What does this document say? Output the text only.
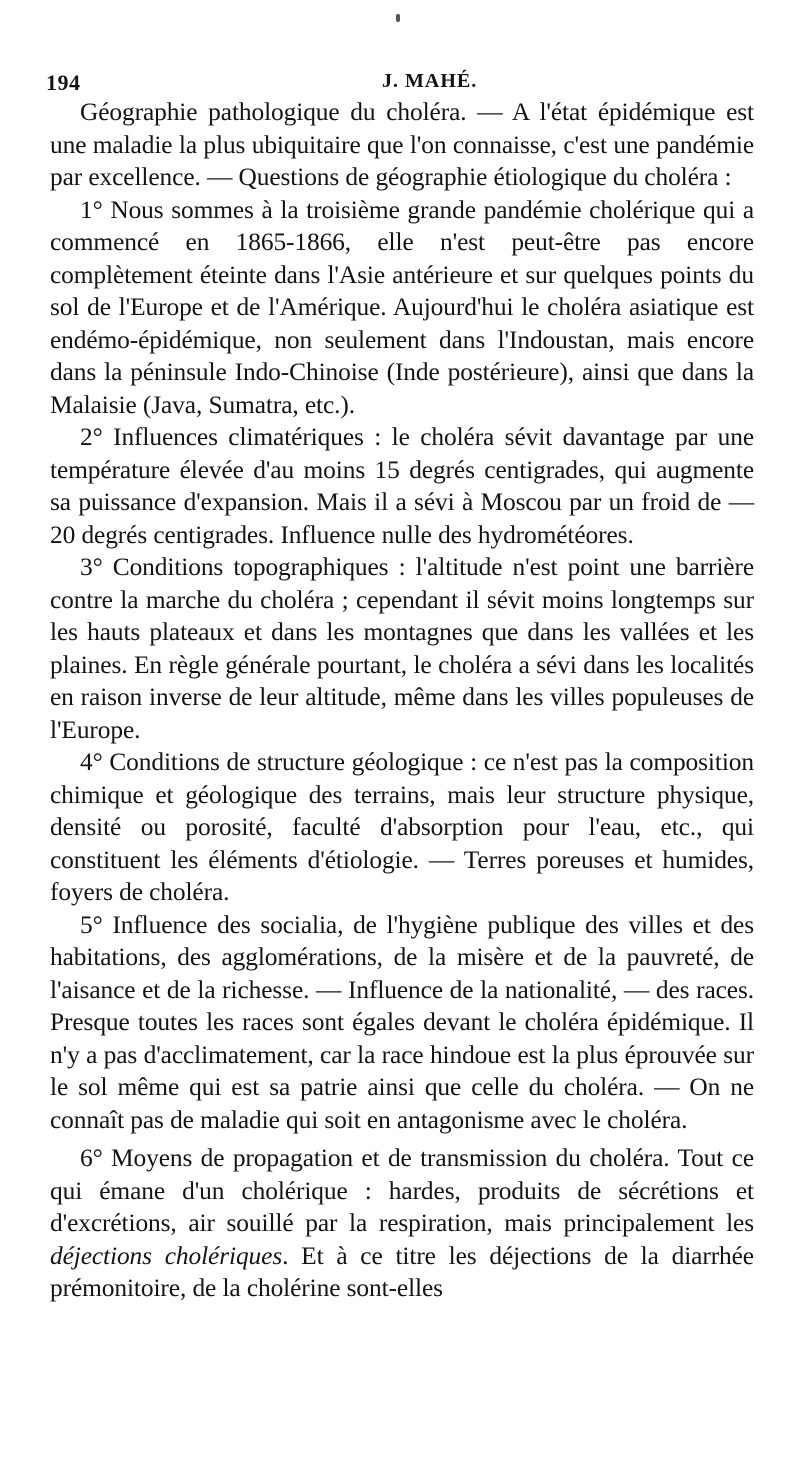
194	J. MAHÉ.

Géographie pathologique du choléra. — A l'état épidémique est une maladie la plus ubiquitaire que l'on connaisse, c'est une pandémie par excellence. — Questions de géographie étiologique du choléra :

1° Nous sommes à la troisième grande pandémie cholérique qui a commencé en 1865-1866, elle n'est peut-être pas encore complètement éteinte dans l'Asie antérieure et sur quelques points du sol de l'Europe et de l'Amérique. Aujourd'hui le choléra asiatique est endémo-épidémique, non seulement dans l'Indoustan, mais encore dans la péninsule Indo-Chinoise (Inde postérieure), ainsi que dans la Malaisie (Java, Sumatra, etc.).

2° Influences climatériques : le choléra sévit davantage par une température élevée d'au moins 15 degrés centigrades, qui augmente sa puissance d'expansion. Mais il a sévi à Moscou par un froid de — 20 degrés centigrades. Influence nulle des hydrométéores.

3° Conditions topographiques : l'altitude n'est point une barrière contre la marche du choléra ; cependant il sévit moins longtemps sur les hauts plateaux et dans les montagnes que dans les vallées et les plaines. En règle générale pourtant, le choléra a sévi dans les localités en raison inverse de leur altitude, même dans les villes populeuses de l'Europe.

4° Conditions de structure géologique : ce n'est pas la composition chimique et géologique des terrains, mais leur structure physique, densité ou porosité, faculté d'absorption pour l'eau, etc., qui constituent les éléments d'étiologie. — Terres poreuses et humides, foyers de choléra.

5° Influence des socialia, de l'hygiène publique des villes et des habitations, des agglomérations, de la misère et de la pauvreté, de l'aisance et de la richesse. — Influence de la nationalité, — des races. Presque toutes les races sont égales devant le choléra épidémique. Il n'y a pas d'acclimatement, car la race hindoue est la plus éprouvée sur le sol même qui est sa patrie ainsi que celle du choléra. — On ne connaît pas de maladie qui soit en antagonisme avec le choléra.

6° Moyens de propagation et de transmission du choléra. Tout ce qui émane d'un cholérique : hardes, produits de sécrétions et d'excrétions, air souillé par la respiration, mais principalement les déjections cholériques. Et à ce titre les déjections de la diarrhée prémonitoire, de la cholérine sont-elles
